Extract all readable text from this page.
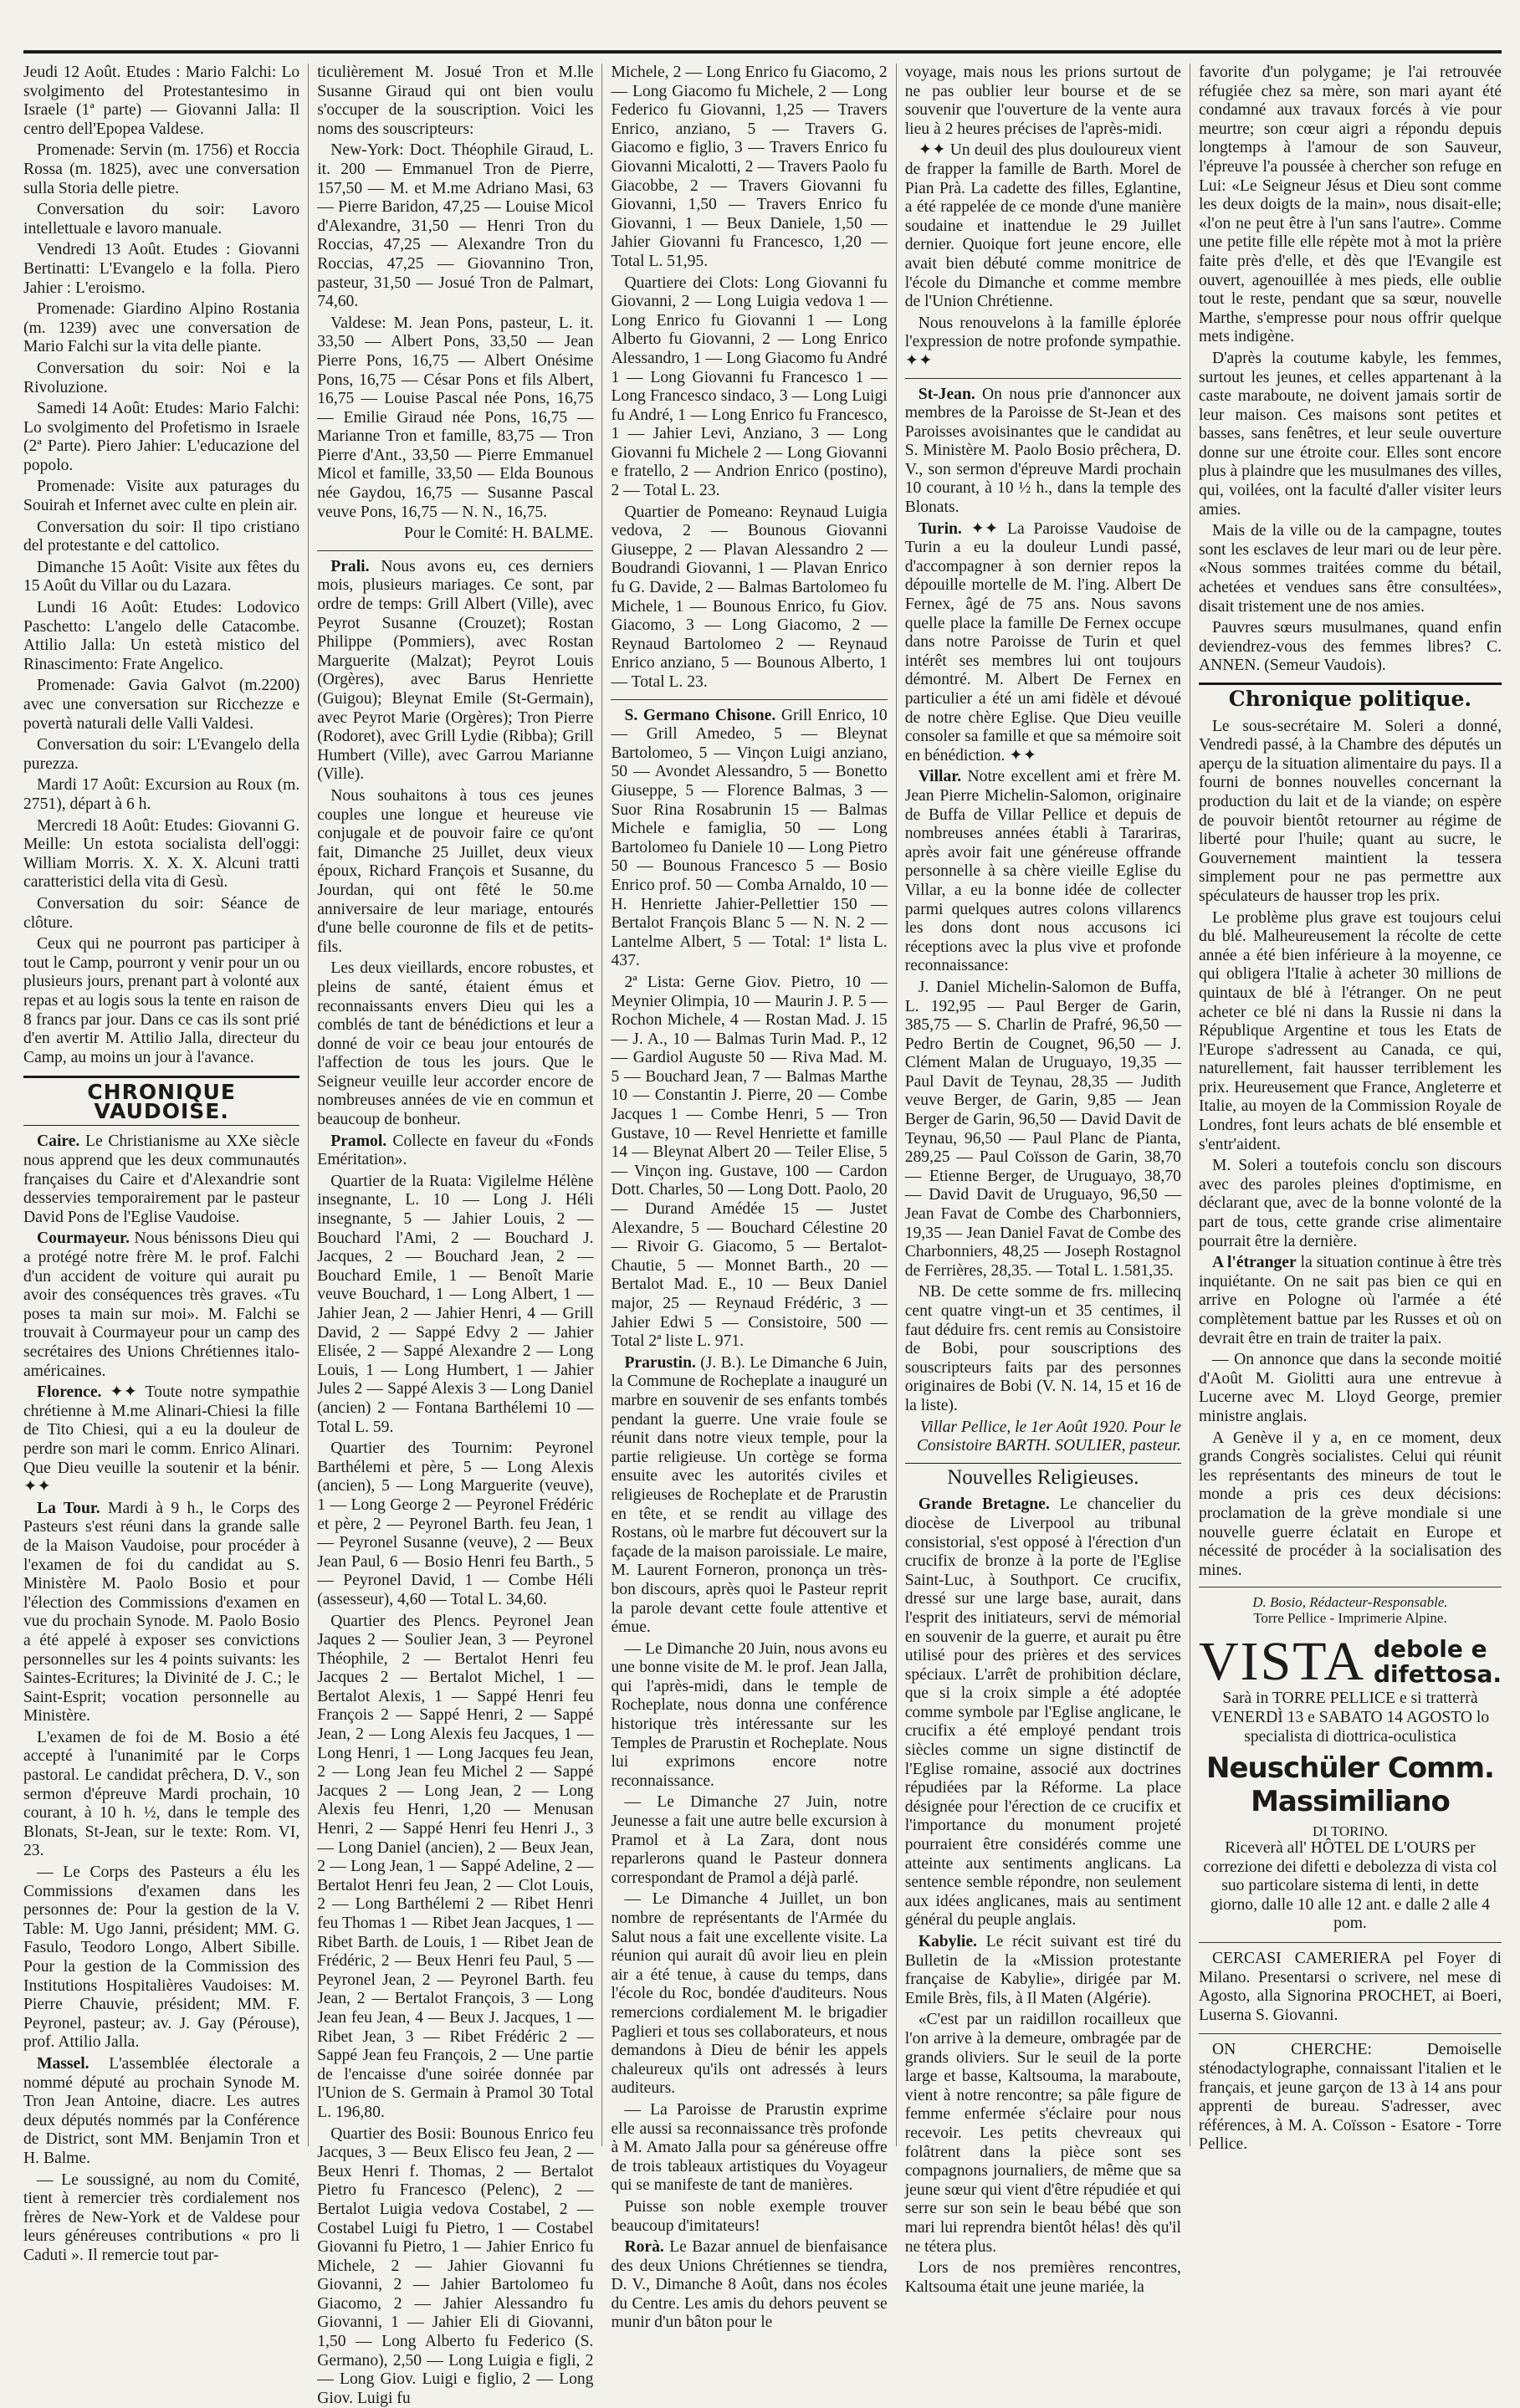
Jeudi 12 Août. Etudes : Mario Falchi: Lo svolgimento del Protestantesimo in Israele (1ª parte) — Giovanni Jalla: Il centro dell'Epopea Valdese.

Promenade: Servin (m. 1756) et Roccia Rossa (m. 1825), avec une conversation sulla Storia delle pietre.

Conversation du soir: Lavoro intellettuale e lavoro manuale.

Vendredi 13 Août. Etudes : Giovanni Bertinatti: L'Evangelo e la folla. Piero Jahier : L'eroismo.

Promenade: Giardino Alpino Rostania (m. 1239) avec une conversation de Mario Falchi sur la vita delle piante.

Conversation du soir: Noi e la Rivoluzione.

Samedi 14 Août: Etudes: Mario Falchi: Lo svolgimento del Profetismo in Israele (2ª Parte). Piero Jahier: L'educazione del popolo.

Promenade: Visite aux paturages du Souirah et Infernet avec culte en plein air.

Conversation du soir: Il tipo cristiano del protestante e del cattolico.

Dimanche 15 Août: Visite aux fêtes du 15 Août du Villar ou du Lazara.

Lundi 16 Août: Etudes: Lodovico Paschetto: L'angelo delle Catacombe. Attilio Jalla: Un estetà mistico del Rinascimento: Frate Angelico.

Promenade: Gavia Galvot (m.2200) avec une conversation sur Ricchezze e povertà naturali delle Valli Valdesi.

Conversation du soir: L'Evangelo della purezza.

Mardi 17 Août: Excursion au Roux (m. 2751), départ à 6 h.

Mercredi 18 Août: Etudes: Giovanni G. Meille: Un estota socialista dell'oggi: William Morris. X. X. X. Alcuni tratti caratteristici della vita di Gesù.

Conversation du soir: Séance de clôture.

Ceux qui ne pourront pas participer à tout le Camp, pourront y venir pour un ou plusieurs jours, prenant part à volonté aux repas et au logis sous la tente en raison de 8 francs par jour. Dans ce cas ils sont prié d'en avertir M. Attilio Jalla, directeur du Camp, au moins un jour à l'avance.

CHRONIQUE VAUDOISE.

Caire. Le Christianisme au XXe siècle nous apprend que les deux communautés françaises du Caire et d'Alexandrie sont desservies temporairement par le pasteur David Pons de l'Eglise Vaudoise.

Courmayeur. Nous bénissons Dieu qui a protégé notre frère M. le prof. Falchi d'un accident de voiture qui aurait pu avoir des conséquences très graves. «Tu poses ta main sur moi». M. Falchi se trouvait à Courmayeur pour un camp des secrétaires des Unions Chrétiennes italo-américaines.

Florence. ✦✦ Toute notre sympathie chrétienne à M.me Alinari-Chiesi la fille de Tito Chiesi, qui a eu la douleur de perdre son mari le comm. Enrico Alinari. Que Dieu veuille la soutenir et la bénir. ✦✦

La Tour. Mardi à 9 h., le Corps des Pasteurs s'est réuni dans la grande salle de la Maison Vaudoise, pour procéder à l'examen de foi du candidat au S. Ministère M. Paolo Bosio et pour l'élection des Commissions d'examen en vue du prochain Synode. M. Paolo Bosio a été appelé à exposer ses convictions personnelles sur les 4 points suivants: les Saintes-Ecritures; la Divinité de J. C.; le Saint-Esprit; vocation personnelle au Ministère.

L'examen de foi de M. Bosio a été accepté à l'unanimité par le Corps pastoral. Le candidat prêchera, D. V., son sermon d'épreuve Mardi prochain, 10 courant, à 10 h. ½, dans le temple des Blonats, St-Jean, sur le texte: Rom. VI, 23.

— Le Corps des Pasteurs a élu les Commissions d'examen dans les personnes de: Pour la gestion de la V. Table: M. Ugo Janni, président; MM. G. Fasulo, Teodoro Longo, Albert Sibille. Pour la gestion de la Commission des Institutions Hospitalières Vaudoises: M. Pierre Chauvie, président; MM. F. Peyronel, pasteur; av. J. Gay (Pérouse), prof. Attilio Jalla.

Massel. L'assemblée électorale a nommé député au prochain Synode M. Tron Jean Antoine, diacre. Les autres deux députés nommés par la Conférence de District, sont MM. Benjamin Tron et H. Balme.

— Le soussigné, au nom du Comité, tient à remercier très cordialement nos frères de New-York et de Valdese pour leurs généreuses contributions « pro li Caduti ». Il remercie tout par-

ticulièrement M. Josué Tron et M.lle Susanne Giraud qui ont bien voulu s'occuper de la souscription. Voici les noms des souscripteurs:

New-York: Doct. Théophile Giraud, L. it. 200 — Emmanuel Tron de Pierre, 157,50 — M. et M.me Adriano Masi, 63 — Pierre Baridon, 47,25 — Louise Micol d'Alexandre, 31,50 — Henri Tron du Roccias, 47,25 — Alexandre Tron du Roccias, 47,25 — Giovannino Tron, pasteur, 31,50 — Josué Tron de Palmart, 74,60.

Valdese: M. Jean Pons, pasteur, L. it. 33,50 — Albert Pons, 33,50 — Jean Pierre Pons, 16,75 — Albert Onésime Pons, 16,75 — César Pons et fils Albert, 16,75 — Louise Pascal née Pons, 16,75 — Emilie Giraud née Pons, 16,75 — Marianne Tron et famille, 83,75 — Tron Pierre d'Ant., 33,50 — Pierre Emmanuel Micol et famille, 33,50 — Elda Bounous née Gaydou, 16,75 — Susanne Pascal veuve Pons, 16,75 — N. N., 16,75.

Pour le Comité: H. BALME.

Prali. Nous avons eu, ces derniers mois, plusieurs mariages. Ce sont, par ordre de temps: Grill Albert (Ville), avec Peyrot Susanne (Crouzet); Rostan Philippe (Pommiers), avec Rostan Marguerite (Malzat); Peyrot Louis (Orgères), avec Barus Henriette (Guigou); Bleynat Emile (St-Germain), avec Peyrot Marie (Orgères); Tron Pierre (Rodoret), avec Grill Lydie (Ribba); Grill Humbert (Ville), avec Garrou Marianne (Ville).

Nous souhaitons à tous ces jeunes couples une longue et heureuse vie conjugale et de pouvoir faire ce qu'ont fait, Dimanche 25 Juillet, deux vieux époux, Richard François et Susanne, du Jourdan, qui ont fêté le 50.me anniversaire de leur mariage, entourés d'une belle couronne de fils et de petits-fils.

Les deux vieillards, encore robustes, et pleins de santé, étaient émus et reconnaissants envers Dieu qui les a comblés de tant de bénédictions et leur a donné de voir ce beau jour entourés de l'affection de tous les jours. Que le Seigneur veuille leur accorder encore de nombreuses années de vie en commun et beaucoup de bonheur.

Pramol. Collecte en faveur du «Fonds Eméritation».

Quartier de la Ruata: Vigilelme Hélène insegnante, L. 10 — Long J. Héli insegnante, 5 — Jahier Louis, 2 — Bouchard l'Ami, 2 — Bouchard J. Jacques, 2 — Bouchard Jean, 2 — Bouchard Emile, 1 — Benoît Marie veuve Bouchard, 1 — Long Albert, 1 — Jahier Jean, 2 — Jahier Henri, 4 — Grill David, 2 — Sappé Edvy 2 — Jahier Elisée, 2 — Sappé Alexandre 2 — Long Louis, 1 — Long Humbert, 1 — Jahier Jules 2 — Sappé Alexis 3 — Long Daniel (ancien) 2 — Fontana Barthélemi 10 — Total L. 59.

Quartier des Tournim: Peyronel Barthélemi et père, 5 — Long Alexis (ancien), 5 — Long Marguerite (veuve), 1 — Long George 2 — Peyronel Frédéric et père, 2 — Peyronel Barth. feu Jean, 1 — Peyronel Susanne (veuve), 2 — Beux Jean Paul, 6 — Bosio Henri feu Barth., 5 — Peyronel David, 1 — Combe Héli (assesseur), 4,60 — Total L. 34,60.

Quartier des Plencs. Peyronel Jean Jaques 2 — Soulier Jean, 3 — Peyronel Théophile, 2 — Bertalot Henri feu Jacques 2 — Bertalot Michel, 1 — Bertalot Alexis, 1 — Sappé Henri feu François 2 — Sappé Henri, 2 — Sappé Jean, 2 — Long Alexis feu Jacques, 1 — Long Henri, 1 — Long Jacques feu Jean, 2 — Long Jean feu Michel 2 — Sappé Jacques 2 — Long Jean, 2 — Long Alexis feu Henri, 1,20 — Menusan Henri, 2 — Sappé Henri feu Henri J., 3 — Long Daniel (ancien), 2 — Beux Jean, 2 — Long Jean, 1 — Sappé Adeline, 2 — Bertalot Henri feu Jean, 2 — Clot Louis, 2 — Long Barthélemi 2 — Ribet Henri feu Thomas 1 — Ribet Jean Jacques, 1 — Ribet Barth. de Louis, 1 — Ribet Jean de Frédéric, 2 — Beux Henri feu Paul, 5 — Peyronel Jean, 2 — Peyronel Barth. feu Jean, 2 — Bertalot François, 3 — Long Jean feu Jean, 4 — Beux J. Jacques, 1 — Ribet Jean, 3 — Ribet Frédéric 2 — Sappé Jean feu François, 2 — Une partie de l'encaisse d'une soirée donnée par l'Union de S. Germain à Pramol 30 Total L. 196,80.

Quartier des Bosii: Bounous Enrico feu Jacques, 3 — Beux Elisco feu Jean, 2 — Beux Henri f. Thomas, 2 — Bertalot Pietro fu Francesco (Pelenc), 2 — Bertalot Luigia vedova Costabel, 2 — Costabel Luigi fu Pietro, 1 — Costabel Giovanni fu Pietro, 1 — Jahier Enrico fu Michele, 2 — Jahier Giovanni fu Giovanni, 2 — Jahier Bartolomeo fu Giacomo, 2 — Jahier Alessandro fu Giovanni, 1 — Jahier Eli di Giovanni, 1,50 — Long Alberto fu Federico (S. Germano), 2,50 — Long Luigia e figli, 2 — Long Giov. Luigi e figlio, 2 — Long Giov. Luigi fu

Michele, 2 — Long Enrico fu Giacomo, 2 — Long Giacomo fu Michele, 2 — Long Federico fu Giovanni, 1,25 — Travers Enrico, anziano, 5 — Travers G. Giacomo e figlio, 3 — Travers Enrico fu Giovanni Micalotti, 2 — Travers Paolo fu Giacobbe, 2 — Travers Giovanni fu Giovanni, 1,50 — Travers Enrico fu Giovanni, 1 — Beux Daniele, 1,50 — Jahier Giovanni fu Francesco, 1,20 — Total L. 51,95.

Quartiere dei Clots: Long Giovanni fu Giovanni, 2 — Long Luigia vedova 1 — Long Enrico fu Giovanni 1 — Long Alberto fu Giovanni, 2 — Long Enrico Alessandro, 1 — Long Giacomo fu André 1 — Long Giovanni fu Francesco 1 — Long Francesco sindaco, 3 — Long Luigi fu André, 1 — Long Enrico fu Francesco, 1 — Jahier Levi, Anziano, 3 — Long Giovanni fu Michele 2 — Long Giovanni e fratello, 2 — Andrion Enrico (postino), 2 — Total L. 23.

Quartier de Pomeano: Reynaud Luigia vedova, 2 — Bounous Giovanni Giuseppe, 2 — Plavan Alessandro 2 — Boudrandi Giovanni, 1 — Plavan Enrico fu G. Davide, 2 — Balmas Bartolomeo fu Michele, 1 — Bounous Enrico, fu Giov. Giacomo, 3 — Long Giacomo, 2 — Reynaud Bartolomeo 2 — Reynaud Enrico anziano, 5 — Bounous Alberto, 1 — Total L. 23.

S. Germano Chisone. Grill Enrico, 10 — Grill Amedeo, 5 — Bleynat Bartolomeo, 5 — Vinçon Luigi anziano, 50 — Avondet Alessandro, 5 — Bonetto Giuseppe, 5 — Florence Balmas, 3 — Suor Rina Rosabrunin 15 — Balmas Michele e famiglia, 50 — Long Bartolomeo fu Daniele 10 — Long Pietro 50 — Bounous Francesco 5 — Bosio Enrico prof. 50 — Comba Arnaldo, 10 — H. Henriette Jahier-Pellettier 150 — Bertalot François Blanc 5 — N. N. 2 — Lantelme Albert, 5 — Total: 1ª lista L. 437.

2ª Lista: Gerne Giov. Pietro, 10 — Meynier Olimpia, 10 — Maurin J. P. 5 — Rochon Michele, 4 — Rostan Mad. J. 15 — J. A., 10 — Balmas Turin Mad. P., 12 — Gardiol Auguste 50 — Riva Mad. M. 5 — Bouchard Jean, 7 — Balmas Marthe 10 — Constantin J. Pierre, 20 — Combe Jacques 1 — Combe Henri, 5 — Tron Gustave, 10 — Revel Henriette et famille 14 — Bleynat Albert 20 — Teiler Elise, 5 — Vinçon ing. Gustave, 100 — Cardon Dott. Charles, 50 — Long Dott. Paolo, 20 — Durand Amédée 15 — Justet Alexandre, 5 — Bouchard Célestine 20 — Rivoir G. Giacomo, 5 — Bertalot-Chautie, 5 — Monnet Barth., 20 — Bertalot Mad. E., 10 — Beux Daniel major, 25 — Reynaud Frédéric, 3 — Jahier Edwi 5 — Consistoire, 500 — Total 2ª liste L. 971.

Prarustin. (J. B.). Le Dimanche 6 Juin, la Commune de Rocheplate a inauguré un marbre en souvenir de ses enfants tombés pendant la guerre. Une vraie foule se réunit dans notre vieux temple, pour la partie religieuse. Un cortège se forma ensuite avec les autorités civiles et religieuses de Rocheplate et de Prarustin en tête, et se rendit au village des Rostans, où le marbre fut découvert sur la façade de la maison paroissiale. Le maire, M. Laurent Forneron, prononça un très-bon discours, après quoi le Pasteur reprit la parole devant cette foule attentive et émue.

— Le Dimanche 20 Juin, nous avons eu une bonne visite de M. le prof. Jean Jalla, qui l'après-midi, dans le temple de Rocheplate, nous donna une conférence historique très intéressante sur les Temples de Prarustin et Rocheplate. Nous lui exprimons encore notre reconnaissance.

— Le Dimanche 27 Juin, notre Jeunesse a fait une autre belle excursion à Pramol et à La Zara, dont nous reparlerons quand le Pasteur donnera correspondant de Pramol a déjà parlé.

— Le Dimanche 4 Juillet, un bon nombre de représentants de l'Armée du Salut nous a fait une excellente visite. La réunion qui aurait dû avoir lieu en plein air a été tenue, à cause du temps, dans l'école du Roc, bondée d'auditeurs. Nous remercions cordialement M. le brigadier Paglieri et tous ses collaborateurs, et nous demandons à Dieu de bénir les appels chaleureux qu'ils ont adressés à leurs auditeurs.

— La Paroisse de Prarustin exprime elle aussi sa reconnaissance très profonde à M. Amato Jalla pour sa généreuse offre de trois tableaux artistiques du Voyageur qui se manifeste de tant de manières.

Puisse son noble exemple trouver beaucoup d'imitateurs!

Rorà. Le Bazar annuel de bienfaisance des deux Unions Chrétiennes se tiendra, D. V., Dimanche 8 Août, dans nos écoles du Centre. Les amis du dehors peuvent se munir d'un bâton pour le

voyage, mais nous les prions surtout de ne pas oublier leur bourse et de se souvenir que l'ouverture de la vente aura lieu à 2 heures précises de l'après-midi.

✦✦ Un deuil des plus douloureux vient de frapper la famille de Barth. Morel de Pian Prà. La cadette des filles, Eglantine, a été rappelée de ce monde d'une manière soudaine et inattendue le 29 Juillet dernier. Quoique fort jeune encore, elle avait bien débuté comme monitrice de l'école du Dimanche et comme membre de l'Union Chrétienne.

Nous renouvelons à la famille éplorée l'expression de notre profonde sympathie. ✦✦

St-Jean. On nous prie d'annoncer aux membres de la Paroisse de St-Jean et des Paroisses avoisinantes que le candidat au S. Ministère M. Paolo Bosio prêchera, D. V., son sermon d'épreuve Mardi prochain 10 courant, à 10 ½ h., dans la temple des Blonats.

Turin. ✦✦ La Paroisse Vaudoise de Turin a eu la douleur Lundi passé, d'accompagner à son dernier repos la dépouille mortelle de M. l'ing. Albert De Fernex, âgé de 75 ans. Nous savons quelle place la famille De Fernex occupe dans notre Paroisse de Turin et quel intérêt ses membres lui ont toujours démontré. M. Albert De Fernex en particulier a été un ami fidèle et dévoué de notre chère Eglise. Que Dieu veuille consoler sa famille et que sa mémoire soit en bénédiction. ✦✦

Villar. Notre excellent ami et frère M. Jean Pierre Michelin-Salomon, originaire de Buffa de Villar Pellice et depuis de nombreuses années établi à Tarariras, après avoir fait une généreuse offrande personnelle à sa chère vieille Eglise du Villar, a eu la bonne idée de collecter parmi quelques autres colons villarencs les dons dont nous accusons ici réceptions avec la plus vive et profonde reconnaissance:

J. Daniel Michelin-Salomon de Buffa, L. 192,95 — Paul Berger de Garin, 385,75 — S. Charlin de Prafré, 96,50 — Pedro Bertin de Cougnet, 96,50 — J. Clément Malan de Uruguayo, 19,35 — Paul Davit de Teynau, 28,35 — Judith veuve Berger, de Garin, 9,85 — Jean Berger de Garin, 96,50 — David Davit de Teynau, 96,50 — Paul Planc de Pianta, 289,25 — Paul Coïsson de Garin, 38,70 — Etienne Berger, de Uruguayo, 38,70 — David Davit de Uruguayo, 96,50 — Jean Favat de Combe des Charbonniers, 19,35 — Jean Daniel Favat de Combe des Charbonniers, 48,25 — Joseph Rostagnol de Ferrières, 28,35. — Total L. 1.581,35.

NB. De cette somme de frs. millecinq cent quatre vingt-un et 35 centimes, il faut déduire frs. cent remis au Consistoire de Bobi, pour souscriptions des souscripteurs faits par des personnes originaires de Bobi (V. N. 14, 15 et 16 de la liste).

Villar Pellice, le 1er Août 1920. Pour le Consistoire BARTH. SOULIER, pasteur.

Nouvelles Religieuses.

Grande Bretagne. Le chancelier du diocèse de Liverpool au tribunal consistorial, s'est opposé à l'érection d'un crucifix de bronze à la porte de l'Eglise Saint-Luc, à Southport. Ce crucifix, dressé sur une large base, aurait, dans l'esprit des initiateurs, servi de mémorial en souvenir de la guerre, et aurait pu être utilisé pour des prières et des services spéciaux. L'arrêt de prohibition déclare, que si la croix simple a été adoptée comme symbole par l'Eglise anglicane, le crucifix a été employé pendant trois siècles comme un signe distinctif de l'Eglise romaine, associé aux doctrines répudiées par la Réforme. La place désignée pour l'érection de ce crucifix et l'importance du monument projeté pourraient être considérés comme une atteinte aux sentiments anglicans. La sentence semble répondre, non seulement aux idées anglicanes, mais au sentiment général du peuple anglais.

Kabylie. Le récit suivant est tiré du Bulletin de la «Mission protestante française de Kabylie», dirigée par M. Emile Brès, fils, à Il Maten (Algérie).

«C'est par un raidillon rocailleux que l'on arrive à la demeure, ombragée par de grands oliviers. Sur le seuil de la porte large et basse, Kaltsouma, la maraboute, vient à notre rencontre; sa pâle figure de femme enfermée s'éclaire pour nous recevoir. Les petits chevreaux qui folâtrent dans la pièce sont ses compagnons journaliers, de même que sa jeune sœur qui vient d'être répudiée et qui serre sur son sein le beau bébé que son mari lui reprendra bientôt hélas! dès qu'il ne tétera plus.

Lors de nos premières rencontres, Kaltsouma était une jeune mariée, la

favorite d'un polygame; je l'ai retrouvée réfugiée chez sa mère, son mari ayant été condamné aux travaux forcés à vie pour meurtre; son cœur aigri a répondu depuis longtemps à l'amour de son Sauveur, l'épreuve l'a poussée à chercher son refuge en Lui: «Le Seigneur Jésus et Dieu sont comme les deux doigts de la main», nous disait-elle; «l'on ne peut être à l'un sans l'autre». Comme une petite fille elle répète mot à mot la prière faite près d'elle, et dès que l'Evangile est ouvert, agenouillée à mes pieds, elle oublie tout le reste, pendant que sa sœur, nouvelle Marthe, s'empresse pour nous offrir quelque mets indigène.

D'après la coutume kabyle, les femmes, surtout les jeunes, et celles appartenant à la caste maraboute, ne doivent jamais sortir de leur maison. Ces maisons sont petites et basses, sans fenêtres, et leur seule ouverture donne sur une étroite cour. Elles sont encore plus à plaindre que les musulmanes des villes, qui, voilées, ont la faculté d'aller visiter leurs amies.

Mais de la ville ou de la campagne, toutes sont les esclaves de leur mari ou de leur père. «Nous sommes traitées comme du bétail, achetées et vendues sans être consultées», disait tristement une de nos amies.

Pauvres sœurs musulmanes, quand enfin deviendrez-vous des femmes libres? C. ANNEN. (Semeur Vaudois).

Chronique politique.

Le sous-secrétaire M. Soleri a donné, Vendredi passé, à la Chambre des députés un aperçu de la situation alimentaire du pays. Il a fourni de bonnes nouvelles concernant la production du lait et de la viande; on espère de pouvoir bientôt retourner au régime de liberté pour l'huile; quant au sucre, le Gouvernement maintient la tessera simplement pour ne pas permettre aux spéculateurs de hausser trop les prix.

Le problème plus grave est toujours celui du blé. Malheureusement la récolte de cette année a été bien inférieure à la moyenne, ce qui obligera l'Italie à acheter 30 millions de quintaux de blé à l'étranger. On ne peut acheter ce blé ni dans la Russie ni dans la République Argentine et tous les Etats de l'Europe s'adressent au Canada, ce qui, naturellement, fait hausser terriblement les prix. Heureusement que France, Angleterre et Italie, au moyen de la Commission Royale de Londres, font leurs achats de blé ensemble et s'entr'aident.

M. Soleri a toutefois conclu son discours avec des paroles pleines d'optimisme, en déclarant que, avec de la bonne volonté de la part de tous, cette grande crise alimentaire pourrait être la dernière.

A l'étranger la situation continue à être très inquiétante. On ne sait pas bien ce qui en arrive en Pologne où l'armée a été complètement battue par les Russes et où on devrait être en train de traiter la paix.

— On annonce que dans la seconde moitié d'Août M. Giolitti aura une entrevue à Lucerne avec M. Lloyd George, premier ministre anglais.

A Genève il y a, en ce moment, deux grands Congrès socialistes. Celui qui réunit les représentants des mineurs de tout le monde a pris ces deux décisions: proclamation de la grève mondiale si une nouvelle guerre éclatait en Europe et nécessité de procéder à la socialisation des mines.

D. Bosio, Rédacteur-Responsable.
Torre Pellice - Imprimerie Alpine.
VISTA debole e
difettosa.

Sarà in TORRE PELLICE e si tratterrà VENERDÌ 13 e SABATO 14 AGOSTO lo specialista di diottrica-oculistica

Neuschüler Comm. Massimiliano
DI TORINO.

Riceverà all' HÔTEL DE L'OURS per correzione dei difetti e debolezza di vista col suo particolare sistema di lenti, in dette giorno, dalle 10 alle 12 ant. e dalle 2 alle 4 pom.

CERCASI CAMERIERA pel Foyer di Milano. Presentarsi o scrivere, nel mese di Agosto, alla Signorina PROCHET, ai Boeri, Luserna S. Giovanni.

ON CHERCHE: Demoiselle sténodactylographe, connaissant l'italien et le français, et jeune garçon de 13 à 14 ans pour apprenti de bureau. S'adresser, avec références, à M. A. Coïsson - Esatore - Torre Pellice.
